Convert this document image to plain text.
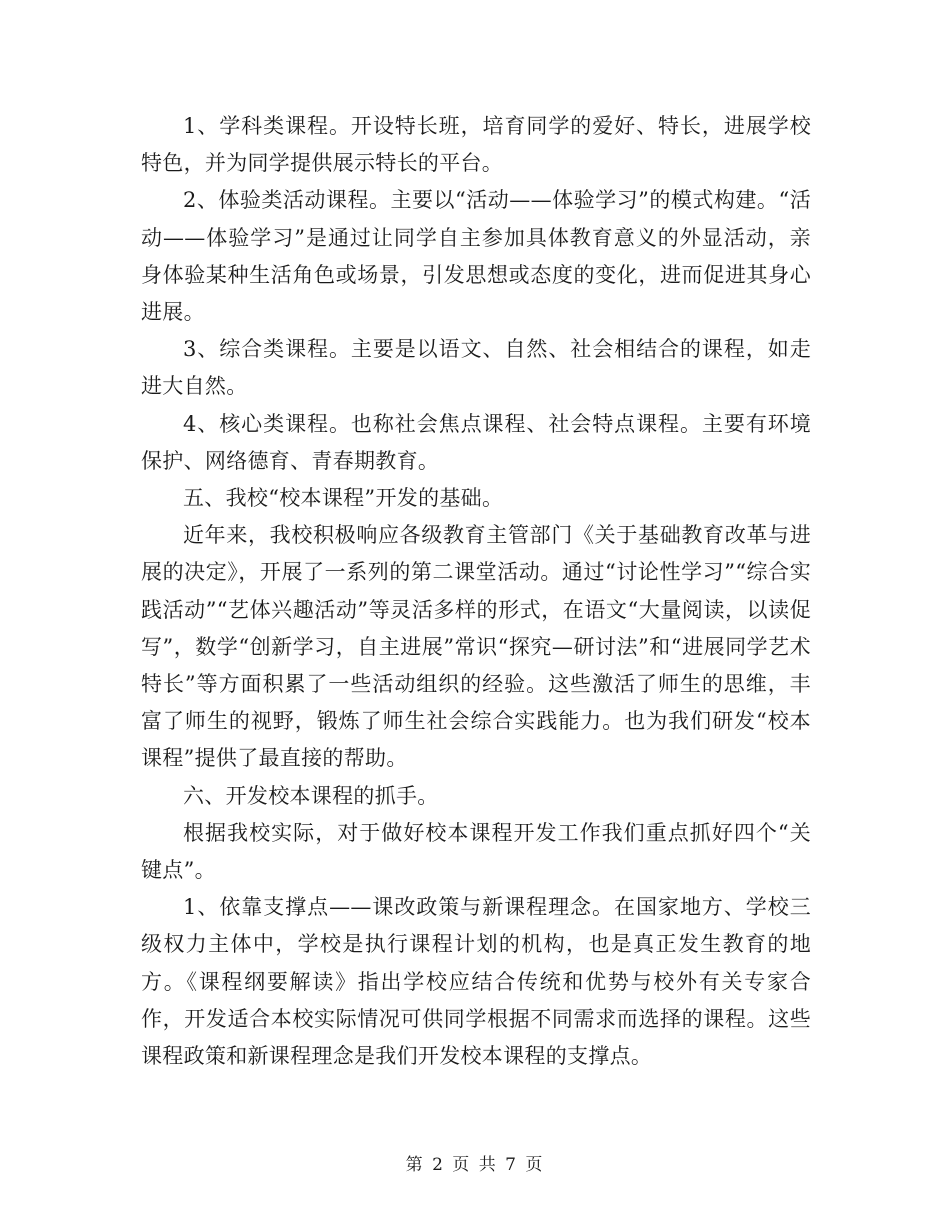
1、学科类课程。开设特长班，培育同学的爱好、特长，进展学校特色，并为同学提供展示特长的平台。

2、体验类活动课程。主要以“活动——体验学习”的模式构建。“活动——体验学习”是通过让同学自主参加具体教育意义的外显活动，亲身体验某种生活角色或场景，引发思想或态度的变化，进而促进其身心进展。

3、综合类课程。主要是以语文、自然、社会相结合的课程，如走进大自然。

4、核心类课程。也称社会焦点课程、社会特点课程。主要有环境保护、网络德育、青春期教育。

五、我校“校本课程”开发的基础。

近年来，我校积极响应各级教育主管部门《关于基础教育改革与进展的决定》，开展了一系列的第二课堂活动。通过“讨论性学习”“综合实践活动”“艺体兴趣活动”等灵活多样的形式，在语文“大量阅读，以读促写”，数学“创新学习，自主进展”常识“探究—研讨法”和“进展同学艺术特长”等方面积累了一些活动组织的经验。这些激活了师生的思维，丰富了师生的视野，锻炼了师生社会综合实践能力。也为我们研发“校本课程”提供了最直接的帮助。

六、开发校本课程的抓手。

根据我校实际，对于做好校本课程开发工作我们重点抓好四个“关键点”。

1、依靠支撑点——课改政策与新课程理念。在国家地方、学校三级权力主体中，学校是执行课程计划的机构，也是真正发生教育的地方。《课程纲要解读》指出学校应结合传统和优势与校外有关专家合作，开发适合本校实际情况可供同学根据不同需求而选择的课程。这些课程政策和新课程理念是我们开发校本课程的支撑点。

第 2 页 共 7 页
